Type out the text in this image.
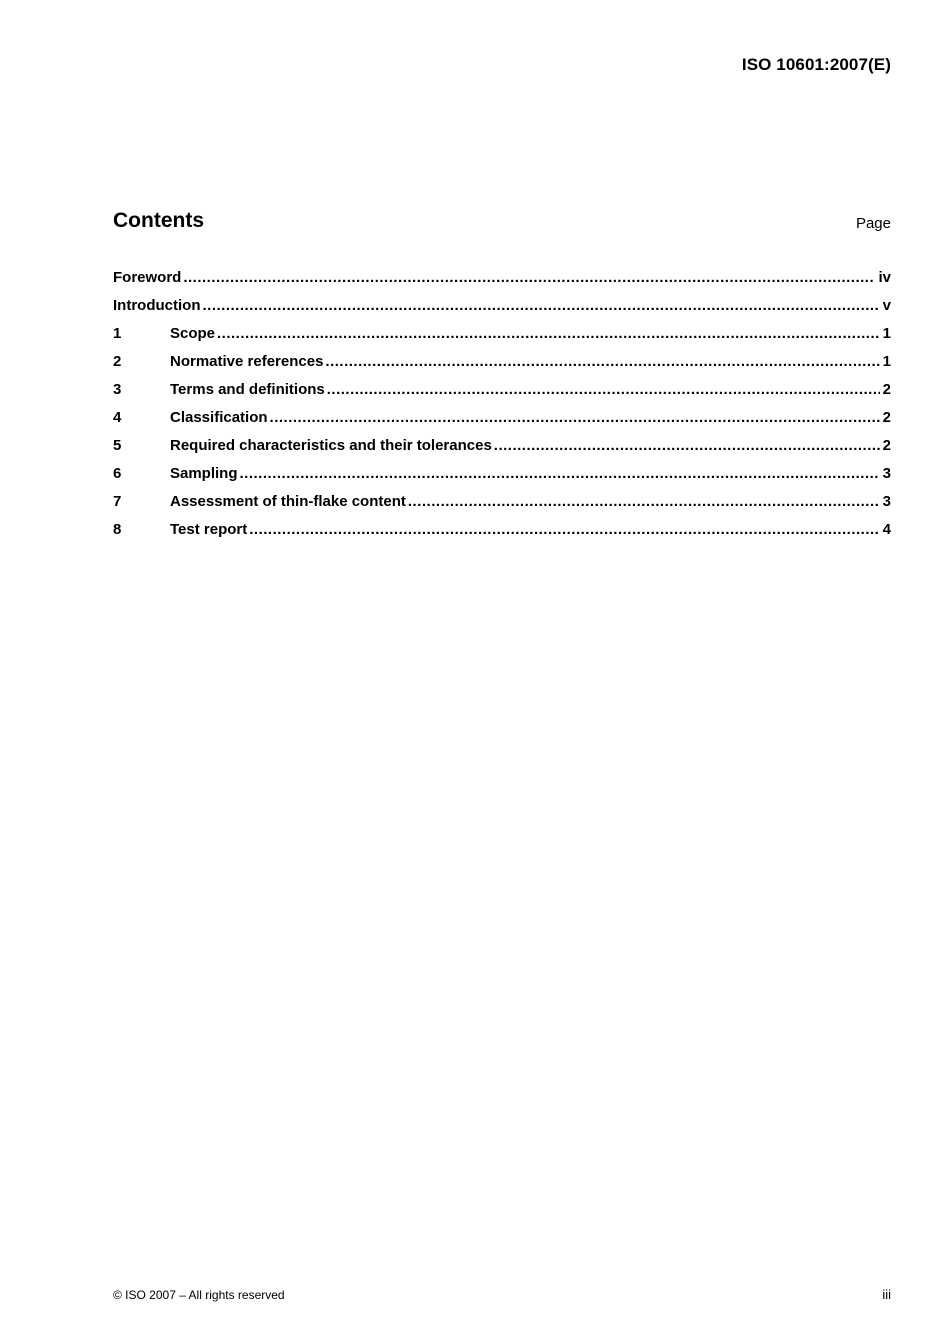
ISO 10601:2007(E)
Contents	Page
Foreword .....	iv
Introduction .....	v
1	Scope .....	1
2	Normative references .....	1
3	Terms and definitions .....	2
4	Classification .....	2
5	Required characteristics and their tolerances .....	2
6	Sampling .....	3
7	Assessment of thin-flake content .....	3
8	Test report .....	4
© ISO 2007 – All rights reserved	iii
